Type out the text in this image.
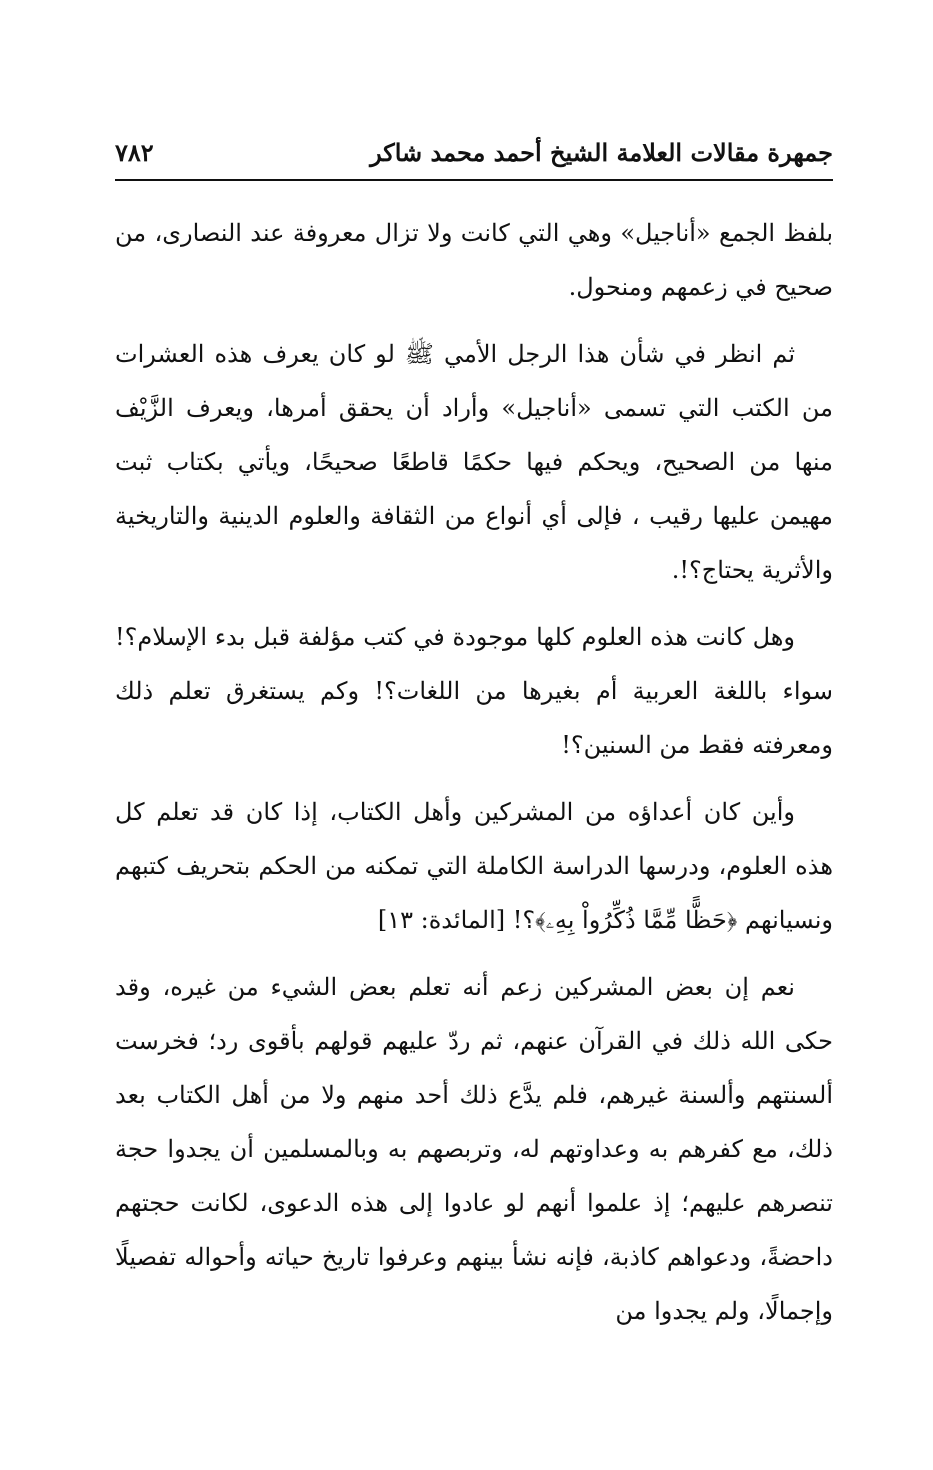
جمهرة مقالات العلامة الشيخ أحمد محمد شاكر
٧٨٢

بلفظ الجمع «أناجيل» وهي التي كانت ولا تزال معروفة عند النصارى، من صحيح في زعمهم ومنحول.

ثم انظر في شأن هذا الرجل الأمي ﷺ لو كان يعرف هذه العشرات من الكتب التي تسمى «أناجيل» وأراد أن يحقق أمرها، ويعرف الزَّيْف منها من الصحيح، ويحكم فيها حكمًا قاطعًا صحيحًا، ويأتي بكتاب ثبت مهيمن عليها رقيب ، فإلى أي أنواع من الثقافة والعلوم الدينية والتاريخية والأثرية يحتاج؟!.

وهل كانت هذه العلوم كلها موجودة في كتب مؤلفة قبل بدء الإسلام؟! سواء باللغة العربية أم بغيرها من اللغات؟! وكم يستغرق تعلم ذلك ومعرفته فقط من السنين؟!

وأين كان أعداؤه من المشركين وأهل الكتاب، إذا كان قد تعلم كل هذه العلوم، ودرسها الدراسة الكاملة التي تمكنه من الحكم بتحريف كتبهم ونسيانهم ﴿حَظًّا مِّمَّا ذُكِّرُواْ بِهِۦ﴾؟! [المائدة: ١٣]

نعم إن بعض المشركين زعم أنه تعلم بعض الشيء من غيره، وقد حكى الله ذلك في القرآن عنهم، ثم ردّ عليهم قولهم بأقوى رد؛ فخرست ألسنتهم وألسنة غيرهم، فلم يدَّع ذلك أحد منهم ولا من أهل الكتاب بعد ذلك، مع كفرهم به وعداوتهم له، وتربصهم به وبالمسلمين أن يجدوا حجة تنصرهم عليهم؛ إذ علموا أنهم لو عادوا إلى هذه الدعوى، لكانت حجتهم داحضةً، ودعواهم كاذبة، فإنه نشأ بينهم وعرفوا تاريخ حياته وأحواله تفصيلًا وإجمالًا، ولم يجدوا من
